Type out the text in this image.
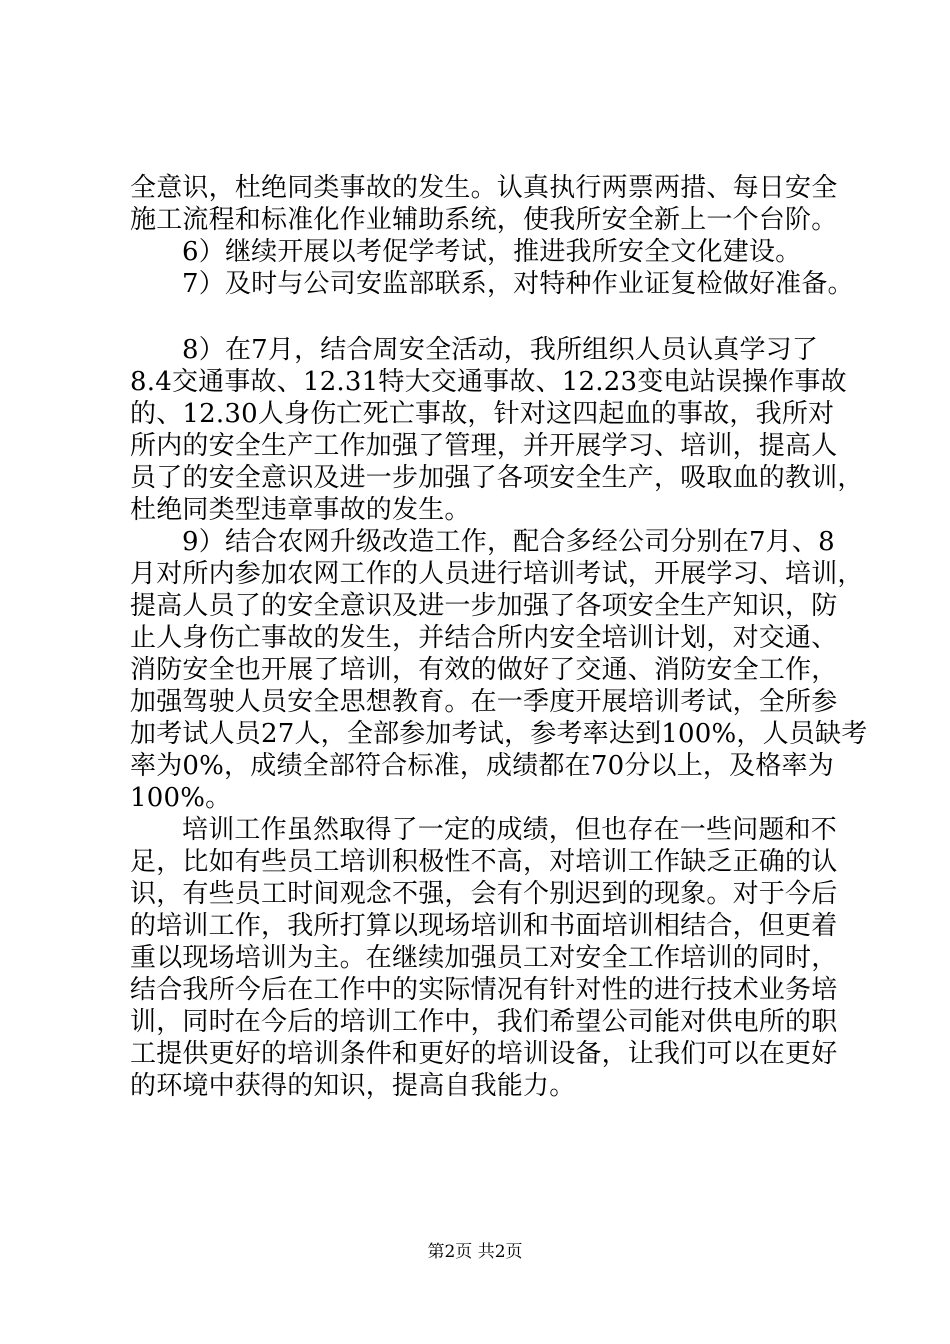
全意识，杜绝同类事故的发生。认真执行两票两措、每日安全
施工流程和标准化作业辅助系统，使我所安全新上一个台阶。
6）继续开展以考促学考试，推进我所安全文化建设。
7）及时与公司安监部联系，对特种作业证复检做好准备。
8）在7月，结合周安全活动，我所组织人员认真学习了
8.4交通事故、12.31特大交通事故、12.23变电站误操作事故
的、12.30人身伤亡死亡事故，针对这四起血的事故，我所对
所内的安全生产工作加强了管理，并开展学习、培训，提高人
员了的安全意识及进一步加强了各项安全生产，吸取血的教训，
杜绝同类型违章事故的发生。
9）结合农网升级改造工作，配合多经公司分别在7月、8
月对所内参加农网工作的人员进行培训考试，开展学习、培训，
提高人员了的安全意识及进一步加强了各项安全生产知识，防
止人身伤亡事故的发生，并结合所内安全培训计划，对交通、
消防安全也开展了培训，有效的做好了交通、消防安全工作，
加强驾驶人员安全思想教育。在一季度开展培训考试，全所参
加考试人员27人，全部参加考试，参考率达到100%，人员缺考
率为0%，成绩全部符合标准，成绩都在70分以上，及格率为
100%。
培训工作虽然取得了一定的成绩，但也存在一些问题和不
足，比如有些员工培训积极性不高，对培训工作缺乏正确的认
识，有些员工时间观念不强，会有个别迟到的现象。对于今后
的培训工作，我所打算以现场培训和书面培训相结合，但更着
重以现场培训为主。在继续加强员工对安全工作培训的同时，
结合我所今后在工作中的实际情况有针对性的进行技术业务培
训，同时在今后的培训工作中，我们希望公司能对供电所的职
工提供更好的培训条件和更好的培训设备，让我们可以在更好
的环境中获得的知识，提高自我能力。
第2页 共2页
